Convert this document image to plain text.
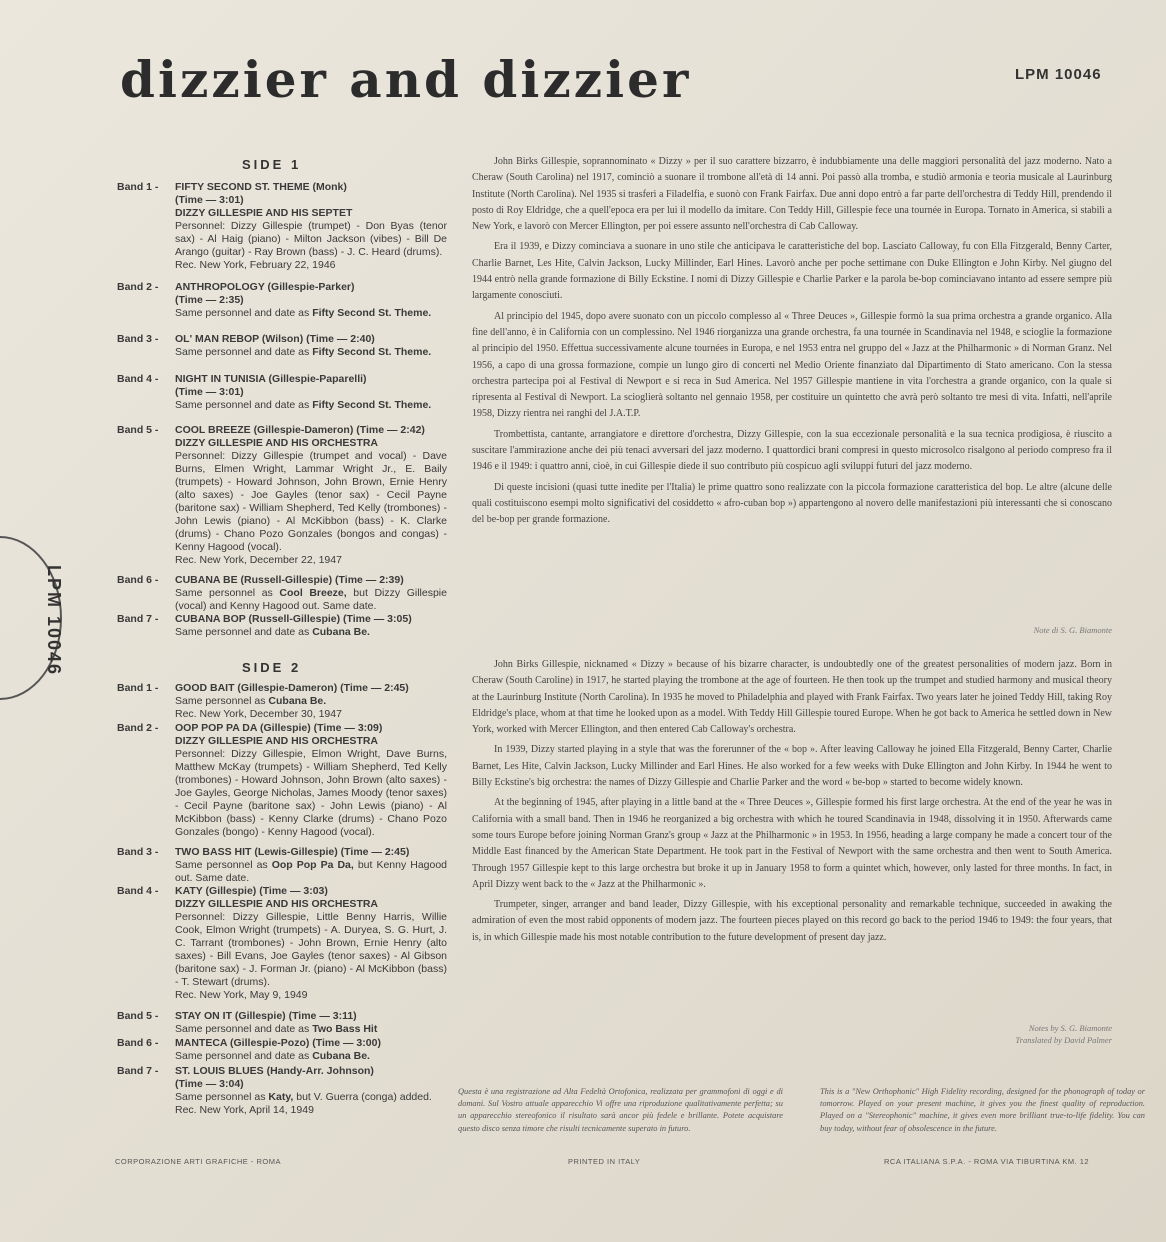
dizzier and dizzier	LPM 10046
LPM 10046
SIDE 1
Band 1 - FIFTY SECOND ST. THEME (Monk)
(Time — 3:01)
DIZZY GILLESPIE AND HIS SEPTET
Personnel: Dizzy Gillespie (trumpet) - Don Byas (tenor sax) - Al Haig (piano) - Milton Jackson (vibes) - Bill De Arango (guitar) - Ray Brown (bass) - J. C. Heard (drums).
Rec. New York, February 22, 1946
Band 2 - ANTHROPOLOGY (Gillespie-Parker)
(Time — 2:35)
Same personnel and date as Fifty Second St. Theme.
Band 3 - OL' MAN REBOP (Wilson) (Time — 2:40)
Same personnel and date as Fifty Second St. Theme.
Band 4 - NIGHT IN TUNISIA (Gillespie-Paparelli)
(Time — 3:01)
Same personnel and date as Fifty Second St. Theme.
Band 5 - COOL BREEZE (Gillespie-Dameron) (Time — 2:42)
DIZZY GILLESPIE AND HIS ORCHESTRA
Personnel: Dizzy Gillespie (trumpet and vocal) - Dave Burns, Elmen Wright, Lammar Wright Jr., E. Baily (trumpets) - Howard Johnson, John Brown, Ernie Henry (alto saxes) - Joe Gayles (tenor sax) - Cecil Payne (baritone sax) - William Shepherd, Ted Kelly (trombones) - John Lewis (piano) - Al McKibbon (bass) - K. Clarke (drums) - Chano Pozo Gonzales (bongos and congas) - Kenny Hagood (vocal).
Rec. New York, December 22, 1947
Band 6 - CUBANA BE (Russell-Gillespie) (Time — 2:39)
Same personnel as Cool Breeze, but Dizzy Gillespie (vocal) and Kenny Hagood out. Same date.
Band 7 - CUBANA BOP (Russell-Gillespie) (Time — 3:05)
Same personnel and date as Cubana Be.
SIDE 2
Band 1 - GOOD BAIT (Gillespie-Dameron) (Time — 2:45)
Same personnel as Cubana Be.
Rec. New York, December 30, 1947
Band 2 - OOP POP PA DA (Gillespie) (Time — 3:09)
DIZZY GILLESPIE AND HIS ORCHESTRA
Personnel: Dizzy Gillespie, Elmon Wright, Dave Burns, Matthew McKay (trumpets) - William Shepherd, Ted Kelly (trombones) - Howard Johnson, John Brown (alto saxes) - Joe Gayles, George Nicholas, James Moody (tenor saxes) - Cecil Payne (baritone sax) - John Lewis (piano) - Al McKibbon (bass) - Kenny Clarke (drums) - Chano Pozo Gonzales (bongo) - Kenny Hagood (vocal).
Band 3 - TWO BASS HIT (Lewis-Gillespie) (Time — 2:45)
Same personnel as Oop Pop Pa Da, but Kenny Hagood out. Same date.
Band 4 - KATY (Gillespie) (Time — 3:03)
DIZZY GILLESPIE AND HIS ORCHESTRA
Personnel: Dizzy Gillespie, Little Benny Harris, Willie Cook, Elmon Wright (trumpets) - A. Duryea, S. G. Hurt, J. C. Tarrant (trombones) - John Brown, Ernie Henry (alto saxes) - Bill Evans, Joe Gayles (tenor saxes) - Al Gibson (baritone sax) - J. Forman Jr. (piano) - Al McKibbon (bass) - T. Stewart (drums).
Rec. New York, May 9, 1949
Band 5 - STAY ON IT (Gillespie) (Time — 3:11)
Same personnel and date as Two Bass Hit
Band 6 - MANTECA (Gillespie-Pozo) (Time — 3:00)
Same personnel and date as Cubana Be.
Band 7 - ST. LOUIS BLUES (Handy-Arr. Johnson)
(Time — 3:04)
Same personnel as Katy, but V. Guerra (conga) added.
Rec. New York, April 14, 1949

John Birks Gillespie, soprannominato « Dizzy » per il suo carattere bizzarro, è indubbiamente una delle maggiori personalità del jazz moderno. Nato a Cheraw (South Carolina) nel 1917, cominciò a suonare il trombone all'età di 14 anni. Poi passò alla tromba, e studiò armonia e teoria musicale al Laurinburg Institute (North Carolina). Nel 1935 si trasferì a Filadelfia, e suonò con Frank Fairfax. Due anni dopo entrò a far parte dell'orchestra di Teddy Hill, prendendo il posto di Roy Eldridge, che a quell'epoca era per lui il modello da imitare. Con Teddy Hill, Gillespie fece una tournée in Europa. Tornato in America, si stabilì a New York, e lavorò con Mercer Ellington, per poi essere assunto nell'orchestra di Cab Calloway.

Era il 1939, e Dizzy cominciava a suonare in uno stile che anticipava le caratteristiche del bop. Lasciato Calloway, fu con Ella Fitzgerald, Benny Carter, Charlie Barnet, Les Hite, Calvin Jackson, Lucky Millinder, Earl Hines. Lavorò anche per poche settimane con Duke Ellington e John Kirby. Nel giugno del 1944 entrò nella grande formazione di Billy Eckstine. I nomi di Dizzy Gillespie e Charlie Parker e la parola be-bop cominciavano intanto ad essere sempre più largamente conosciuti.

Al principio del 1945, dopo avere suonato con un piccolo complesso al « Three Deuces », Gillespie formò la sua prima orchestra a grande organico. Alla fine dell'anno, è in California con un complessino. Nel 1946 riorganizza una grande orchestra, fa una tournée in Scandinavia nel 1948, e scioglie la formazione al principio del 1950. Effettua successivamente alcune tournées in Europa, e nel 1953 entra nel gruppo del « Jazz at the Philharmonic » di Norman Granz. Nel 1956, a capo di una grossa formazione, compie un lungo giro di concerti nel Medio Oriente finanziato dal Dipartimento di Stato americano. Con la stessa orchestra partecipa poi al Festival di Newport e si reca in Sud America. Nel 1957 Gillespie mantiene in vita l'orchestra a grande organico, con la quale si ripresenta al Festival di Newport. La scioglierà soltanto nel gennaio 1958, per costituire un quintetto che avrà però soltanto tre mesi di vita. Infatti, nell'aprile 1958, Dizzy rientra nei ranghi del J.A.T.P.

Trombettista, cantante, arrangiatore e direttore d'orchestra, Dizzy Gillespie, con la sua eccezionale personalità e la sua tecnica prodigiosa, è riuscito a suscitare l'ammirazione anche dei più tenaci avversari del jazz moderno. I quattordici brani compresi in questo microsolco risalgono al periodo compreso fra il 1946 e il 1949: i quattro anni, cioè, in cui Gillespie diede il suo contributo più cospicuo agli sviluppi futuri del jazz moderno.

Di queste incisioni (quasi tutte inedite per l'Italia) le prime quattro sono realizzate con la piccola formazione caratteristica del bop. Le altre (alcune delle quali costituiscono esempi molto significativi del cosiddetto « afro-cuban bop ») appartengono al novero delle manifestazioni più interessanti che si conoscano del be-bop per grande formazione.

Note di S. G. Biamonte

John Birks Gillespie, nicknamed « Dizzy » because of his bizarre character, is undoubtedly one of the greatest personalities of modern jazz. Born in Cheraw (South Caroline) in 1917, he started playing the trombone at the age of fourteen. He then took up the trumpet and studied harmony and musical theory at the Laurinburg Institute (North Carolina). In 1935 he moved to Philadelphia and played with Frank Fairfax. Two years later he joined Teddy Hill, taking Roy Eldridge's place, whom at that time he looked upon as a model. With Teddy Hill Gillespie toured Europe. When he got back to America he settled down in New York, worked with Mercer Ellington, and then entered Cab Calloway's orchestra.

In 1939, Dizzy started playing in a style that was the forerunner of the « bop ». After leaving Calloway he joined Ella Fitzgerald, Benny Carter, Charlie Barnet, Les Hite, Calvin Jackson, Lucky Millinder and Earl Hines. He also worked for a few weeks with Duke Ellington and John Kirby. In 1944 he went to Billy Eckstine's big orchestra: the names of Dizzy Gillespie and Charlie Parker and the word « be-bop » started to become widely known.

At the beginning of 1945, after playing in a little band at the « Three Deuces », Gillespie formed his first large orchestra. At the end of the year he was in California with a small band. Then in 1946 he reorganized a big orchestra with which he toured Scandinavia in 1948, dissolving it in 1950. Afterwards came some tours Europe before joining Norman Granz's group « Jazz at the Philharmonic » in 1953. In 1956, heading a large company he made a concert tour of the Middle East financed by the American State Department. He took part in the Festival of Newport with the same orchestra and then went to South America. Through 1957 Gillespie kept to this large orchestra but broke it up in January 1958 to form a quintet which, however, only lasted for three months. In fact, in April Dizzy went back to the « Jazz at the Philharmonic ».

Trumpeter, singer, arranger and band leader, Dizzy Gillespie, with his exceptional personality and remarkable technique, succeeded in awaking the admiration of even the most rabid opponents of modern jazz. The fourteen pieces played on this record go back to the period 1946 to 1949: the four years, that is, in which Gillespie made his most notable contribution to the future development of present day jazz.

Notes by S. G. Biamonte
Translated by David Palmer
Questa è una registrazione ad Alta Fedeltà Ortofonica, realizzata per grammofoni di oggi e di domani. Sul Vostro attuale apparecchio Vi offre una riproduzione qualitativamente perfetta; su un apparecchio stereofonico il risultato sarà ancor più fedele e brillante. Potete acquistare questo disco senza timore che risulti tecnicamente superato in futuro.
This is a "New Orthophonic" High Fidelity recording, designed for the phonograph of today or tomorrow. Played on your present machine, it gives you the finest quality of reproduction. Played on a "Stereophonic" machine, it gives even more brilliant true-to-life fidelity. You can buy today, without fear of obsolescence in the future.
CORPORAZIONE ARTI GRAFICHE - ROMA	PRINTED IN ITALY	RCA ITALIANA S.P.A. - ROMA VIA TIBURTINA KM. 12
